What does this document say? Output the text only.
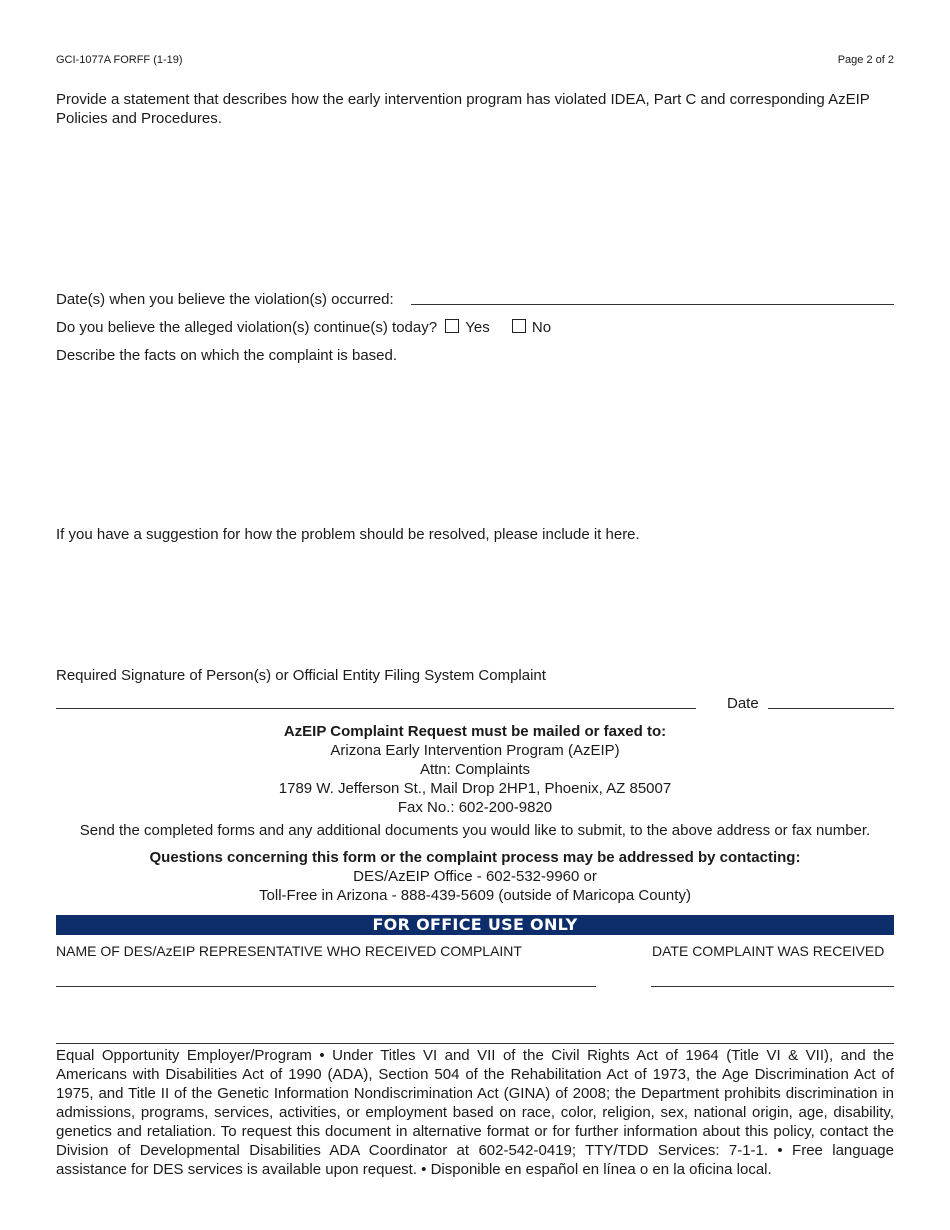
GCI-1077A FORFF (1-19)	Page 2 of 2
Provide a statement that describes how the early intervention program has violated IDEA, Part C and corresponding AzEIP Policies and Procedures.
Date(s) when you believe the violation(s) occurred:
Do you believe the alleged violation(s) continue(s) today? Yes	No
Describe the facts on which the complaint is based.
If you have a suggestion for how the problem should be resolved, please include it here.
Required Signature of Person(s) or Official Entity Filing System Complaint
Date
AzEIP Complaint Request must be mailed or faxed to:
Arizona Early Intervention Program (AzEIP)
Attn: Complaints
1789 W. Jefferson St., Mail Drop 2HP1, Phoenix, AZ 85007
Fax No.: 602-200-9820
Send the completed forms and any additional documents you would like to submit, to the above address or fax number.
Questions concerning this form or the complaint process may be addressed by contacting:
DES/AzEIP Office - 602-532-9960 or
Toll-Free in Arizona - 888-439-5609 (outside of Maricopa County)
FOR OFFICE USE ONLY
NAME OF DES/AzEIP REPRESENTATIVE WHO RECEIVED COMPLAINT	DATE COMPLAINT WAS RECEIVED
Equal Opportunity Employer/Program • Under Titles VI and VII of the Civil Rights Act of 1964 (Title VI & VII), and the Americans with Disabilities Act of 1990 (ADA), Section 504 of the Rehabilitation Act of 1973, the Age Discrimination Act of 1975, and Title II of the Genetic Information Nondiscrimination Act (GINA) of 2008; the Department prohibits discrimination in admissions, programs, services, activities, or employment based on race, color, religion, sex, national origin, age, disability, genetics and retaliation. To request this document in alternative format or for further information about this policy, contact the Division of Developmental Disabilities ADA Coordinator at 602-542-0419; TTY/TDD Services: 7-1-1. • Free language assistance for DES services is available upon request. • Disponible en español en línea o en la oficina local.
